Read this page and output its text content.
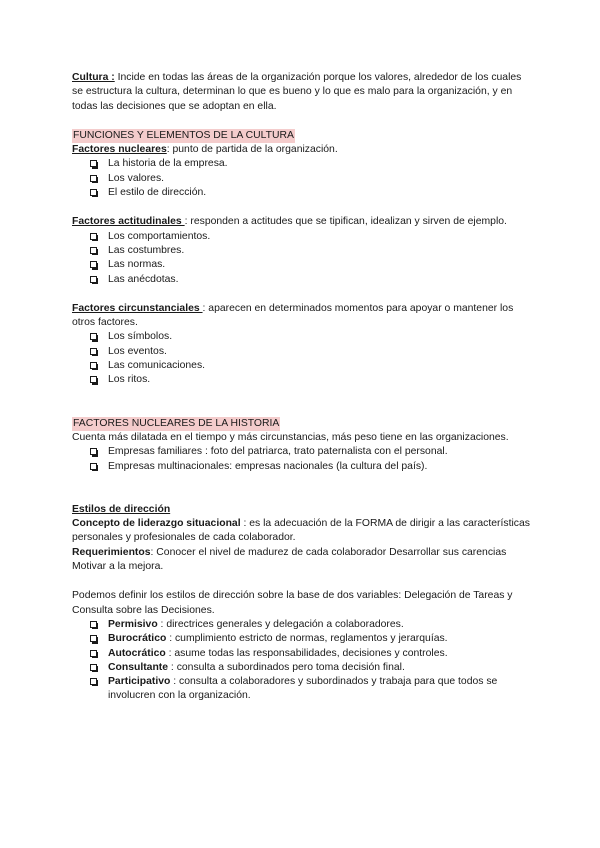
Cultura : Incide en todas las áreas de la organización porque los valores, alrededor de los cuales se estructura la cultura, determinan lo que es bueno y lo que es malo para la organización, y en todas las decisiones que se adoptan en ella.

FUNCIONES Y ELEMENTOS DE LA CULTURA

Factores nucleares: punto de partida de la organización.

La historia de la empresa.
Los valores.
El estilo de dirección.

Factores actitudinales : responden a actitudes que se tipifican, idealizan y sirven de ejemplo.

Los comportamientos.
Las costumbres.
Las normas.
Las anécdotas.

Factores circunstanciales : aparecen en determinados momentos para apoyar o mantener los otros factores.

Los símbolos.
Los eventos.
Las comunicaciones.
Los ritos.

FACTORES NUCLEARES DE LA HISTORIA

Cuenta más dilatada en el tiempo y más circunstancias, más peso tiene en las organizaciones.

Empresas familiares : foto del patriarca, trato paternalista con el personal.
Empresas multinacionales: empresas nacionales (la cultura del país).

Estilos de dirección

Concepto de liderazgo situacional : es la adecuación de la FORMA de dirigir a las características personales y profesionales de cada colaborador.

Requerimientos: Conocer el nivel de madurez de cada colaborador Desarrollar sus carencias Motivar a la mejora.

Podemos definir los estilos de dirección sobre la base de dos variables: Delegación de Tareas y Consulta sobre las Decisiones.

Permisivo : directrices generales y delegación a colaboradores.
Burocrático : cumplimiento estricto de normas, reglamentos y jerarquías.
Autocrático : asume todas las responsabilidades, decisiones y controles.
Consultante : consulta a subordinados pero toma decisión final.
Participativo : consulta a colaboradores y subordinados y trabaja para que todos se involucren con la organización.
